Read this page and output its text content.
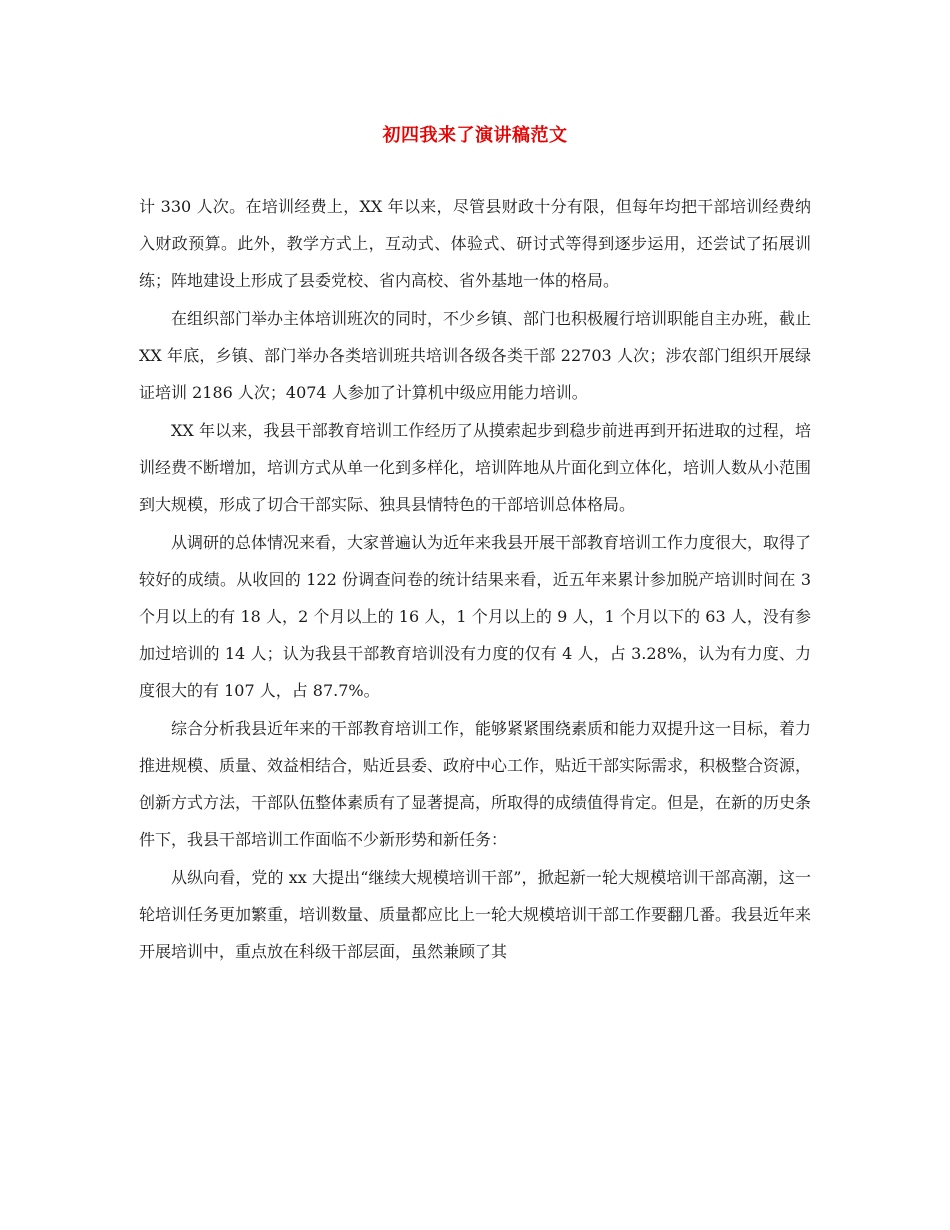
初四我来了演讲稿范文

计 330 人次。在培训经费上，XX 年以来，尽管县财政十分有限，但每年均把干部培训经费纳入财政预算。此外，教学方式上，互动式、体验式、研讨式等得到逐步运用，还尝试了拓展训练；阵地建设上形成了县委党校、省内高校、省外基地一体的格局。

在组织部门举办主体培训班次的同时，不少乡镇、部门也积极履行培训职能自主办班，截止 XX 年底，乡镇、部门举办各类培训班共培训各级各类干部 22703 人次；涉农部门组织开展绿证培训 2186 人次；4074 人参加了计算机中级应用能力培训。

XX 年以来，我县干部教育培训工作经历了从摸索起步到稳步前进再到开拓进取的过程，培训经费不断增加，培训方式从单一化到多样化，培训阵地从片面化到立体化，培训人数从小范围到大规模，形成了切合干部实际、独具县情特色的干部培训总体格局。

从调研的总体情况来看，大家普遍认为近年来我县开展干部教育培训工作力度很大，取得了较好的成绩。从收回的 122 份调查问卷的统计结果来看，近五年来累计参加脱产培训时间在 3 个月以上的有 18 人，2 个月以上的 16 人，1 个月以上的 9 人，1 个月以下的 63 人，没有参加过培训的 14 人；认为我县干部教育培训没有力度的仅有 4 人，占 3.28%，认为有力度、力度很大的有 107 人，占 87.7%。

综合分析我县近年来的干部教育培训工作，能够紧紧围绕素质和能力双提升这一目标，着力推进规模、质量、效益相结合，贴近县委、政府中心工作，贴近干部实际需求，积极整合资源，创新方式方法，干部队伍整体素质有了显著提高，所取得的成绩值得肯定。但是，在新的历史条件下，我县干部培训工作面临不少新形势和新任务：

从纵向看，党的 xx 大提出“继续大规模培训干部”，掀起新一轮大规模培训干部高潮，这一轮培训任务更加繁重，培训数量、质量都应比上一轮大规模培训干部工作要翻几番。我县近年来开展培训中，重点放在科级干部层面，虽然兼顾了其
